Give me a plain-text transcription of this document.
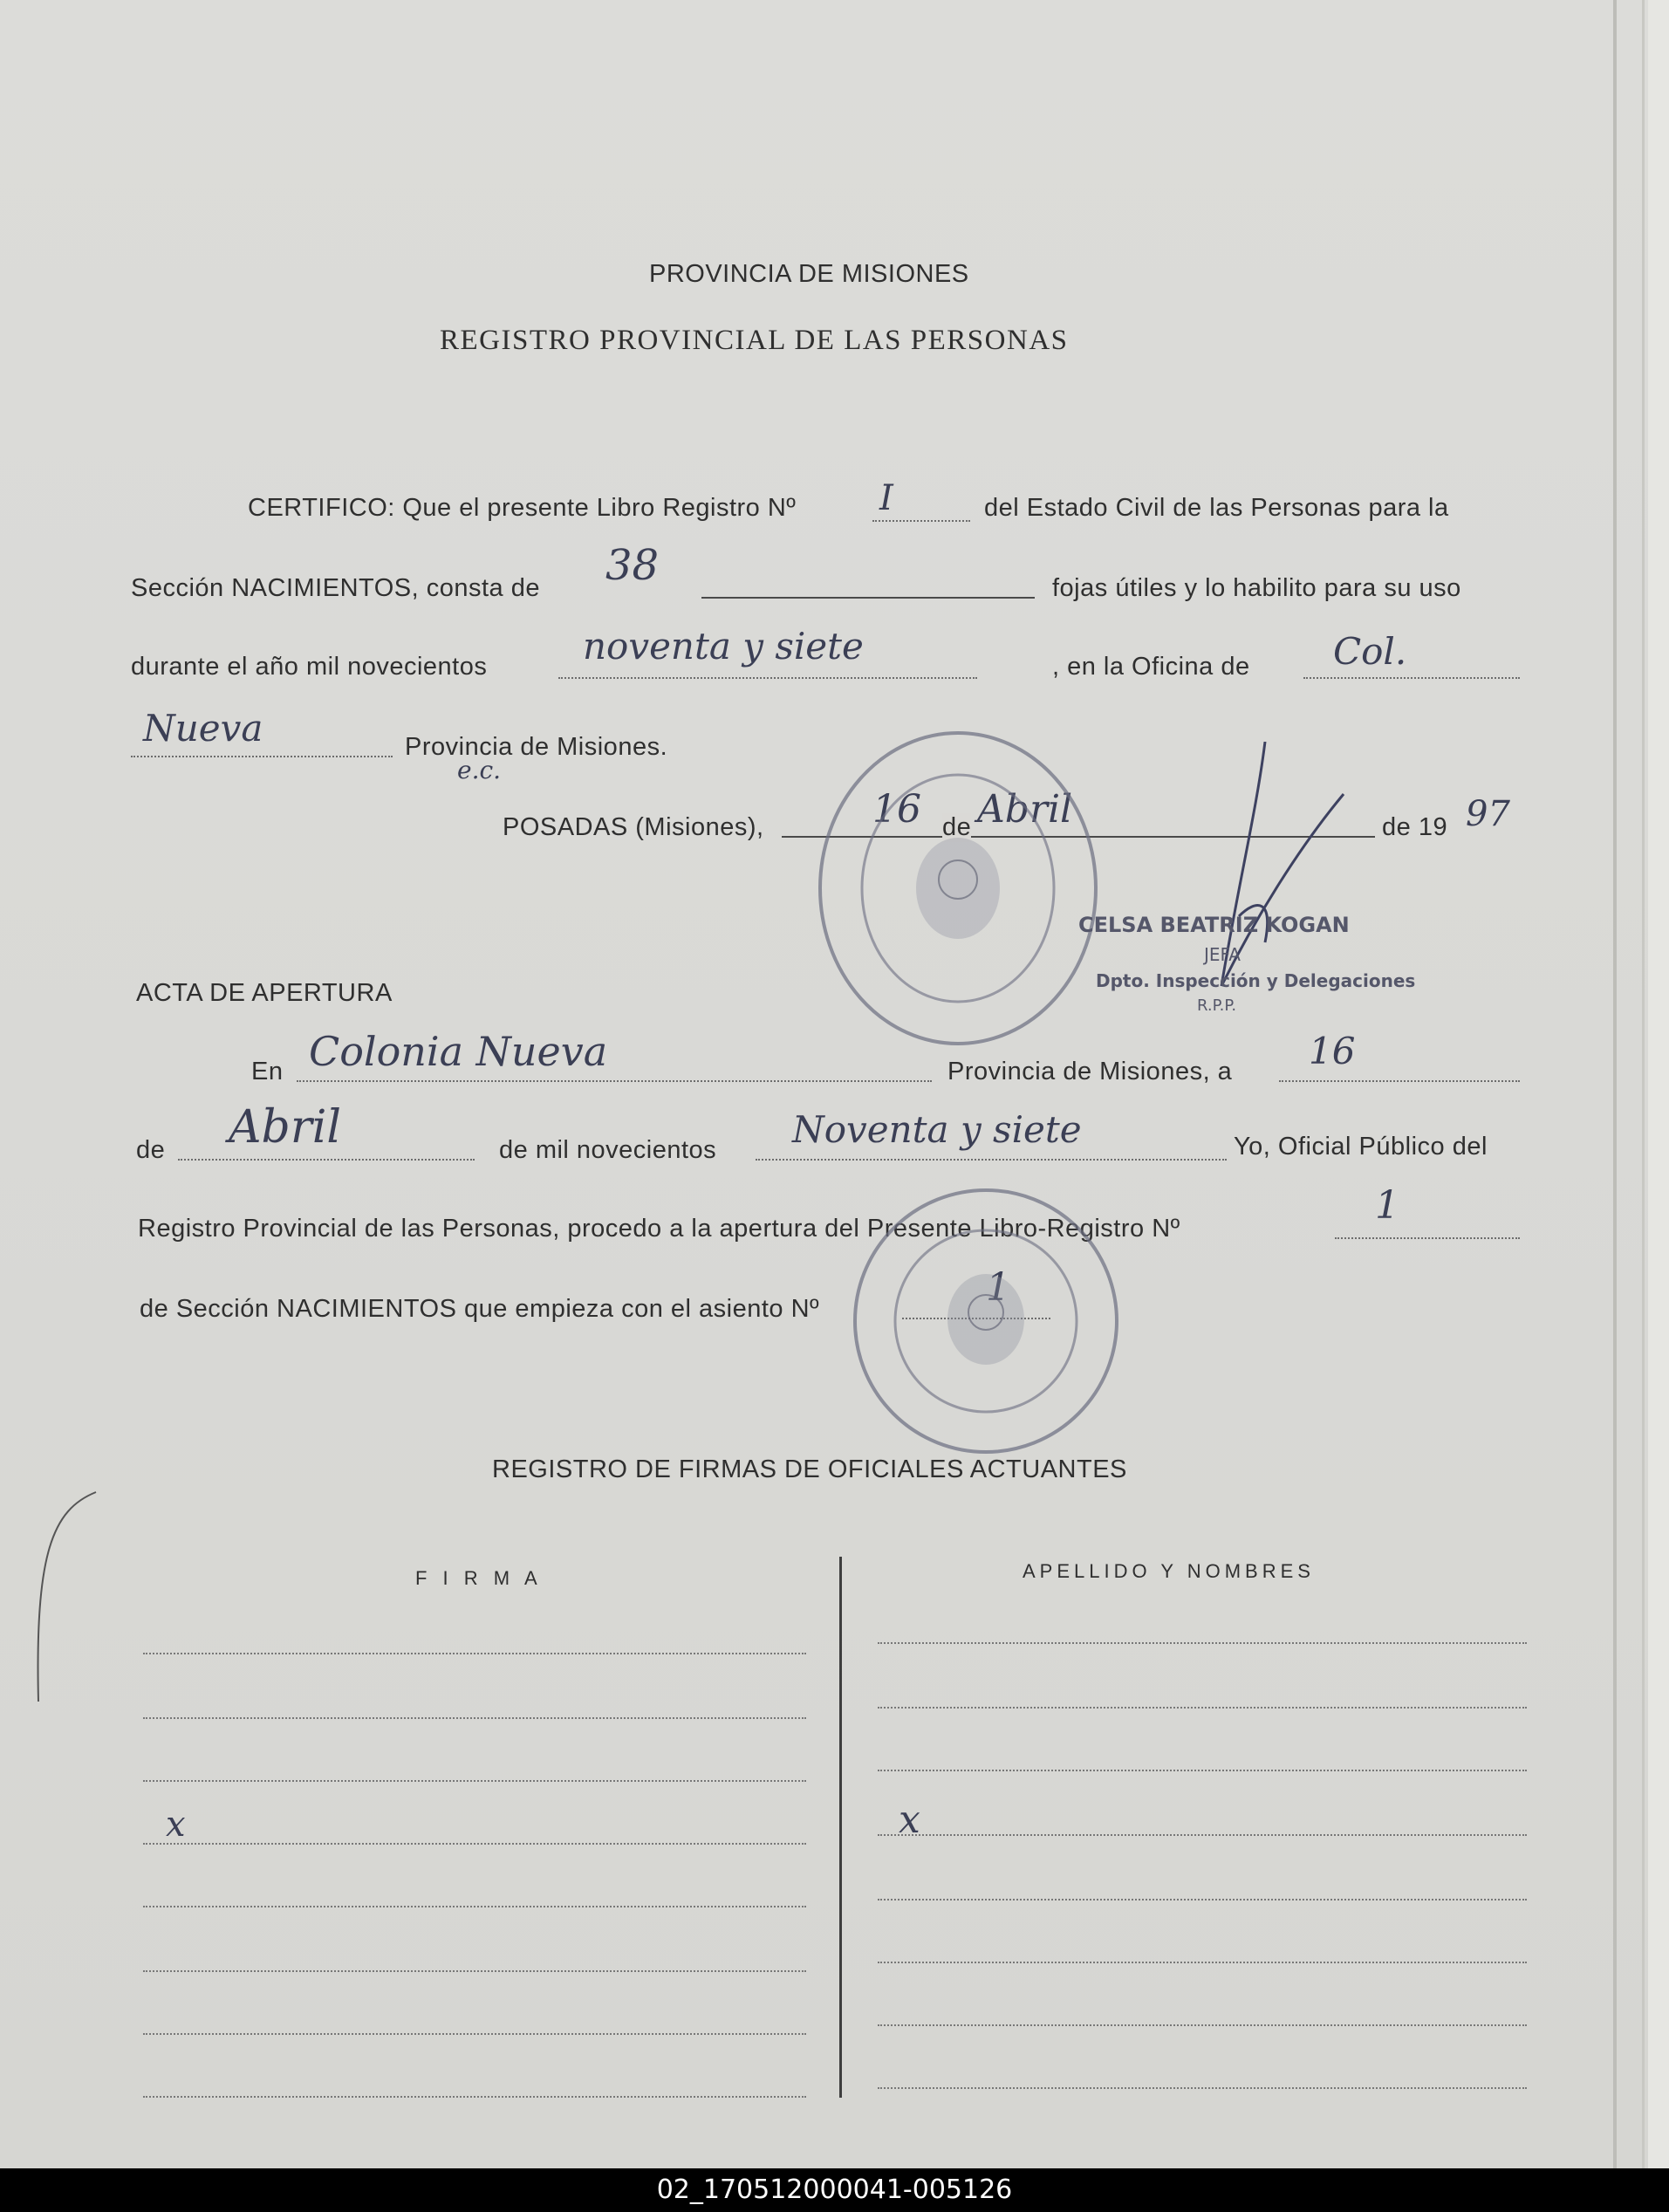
PROVINCIA DE MISIONES
REGISTRO PROVINCIAL DE LAS PERSONAS
CERTIFICO: Que el presente Libro Registro Nº I	del Estado Civil de las Personas para la
Sección NACIMIENTOS, consta de 38	fojas útiles y lo habilito para su uso
durante el año mil novecientos	noventa y siete	, en la Oficina de Col.
Nueva	Provincia de Misiones.
e.c.
POSADAS (Misiones),	16 de Abril	de 19 97
CELSA BEATRIZ KOGAN
JEFA
Dpto. Inspección y Delegaciones
R.P.P.
ACTA DE APERTURA
En Colonia Nueva	Provincia de Misiones, a 16
de Abril	de mil novecientos Noventa y siete	Yo, Oficial Público del
Registro Provincial de las Personas, procedo a la apertura del Presente Libro-Registro Nº
1
de Sección NACIMIENTOS que empieza con el asiento Nº	1
REGISTRO DE FIRMAS DE OFICIALES ACTUANTES
F I R M A	APELLIDO Y NOMBRES
x	x
02_170512000041-005126
